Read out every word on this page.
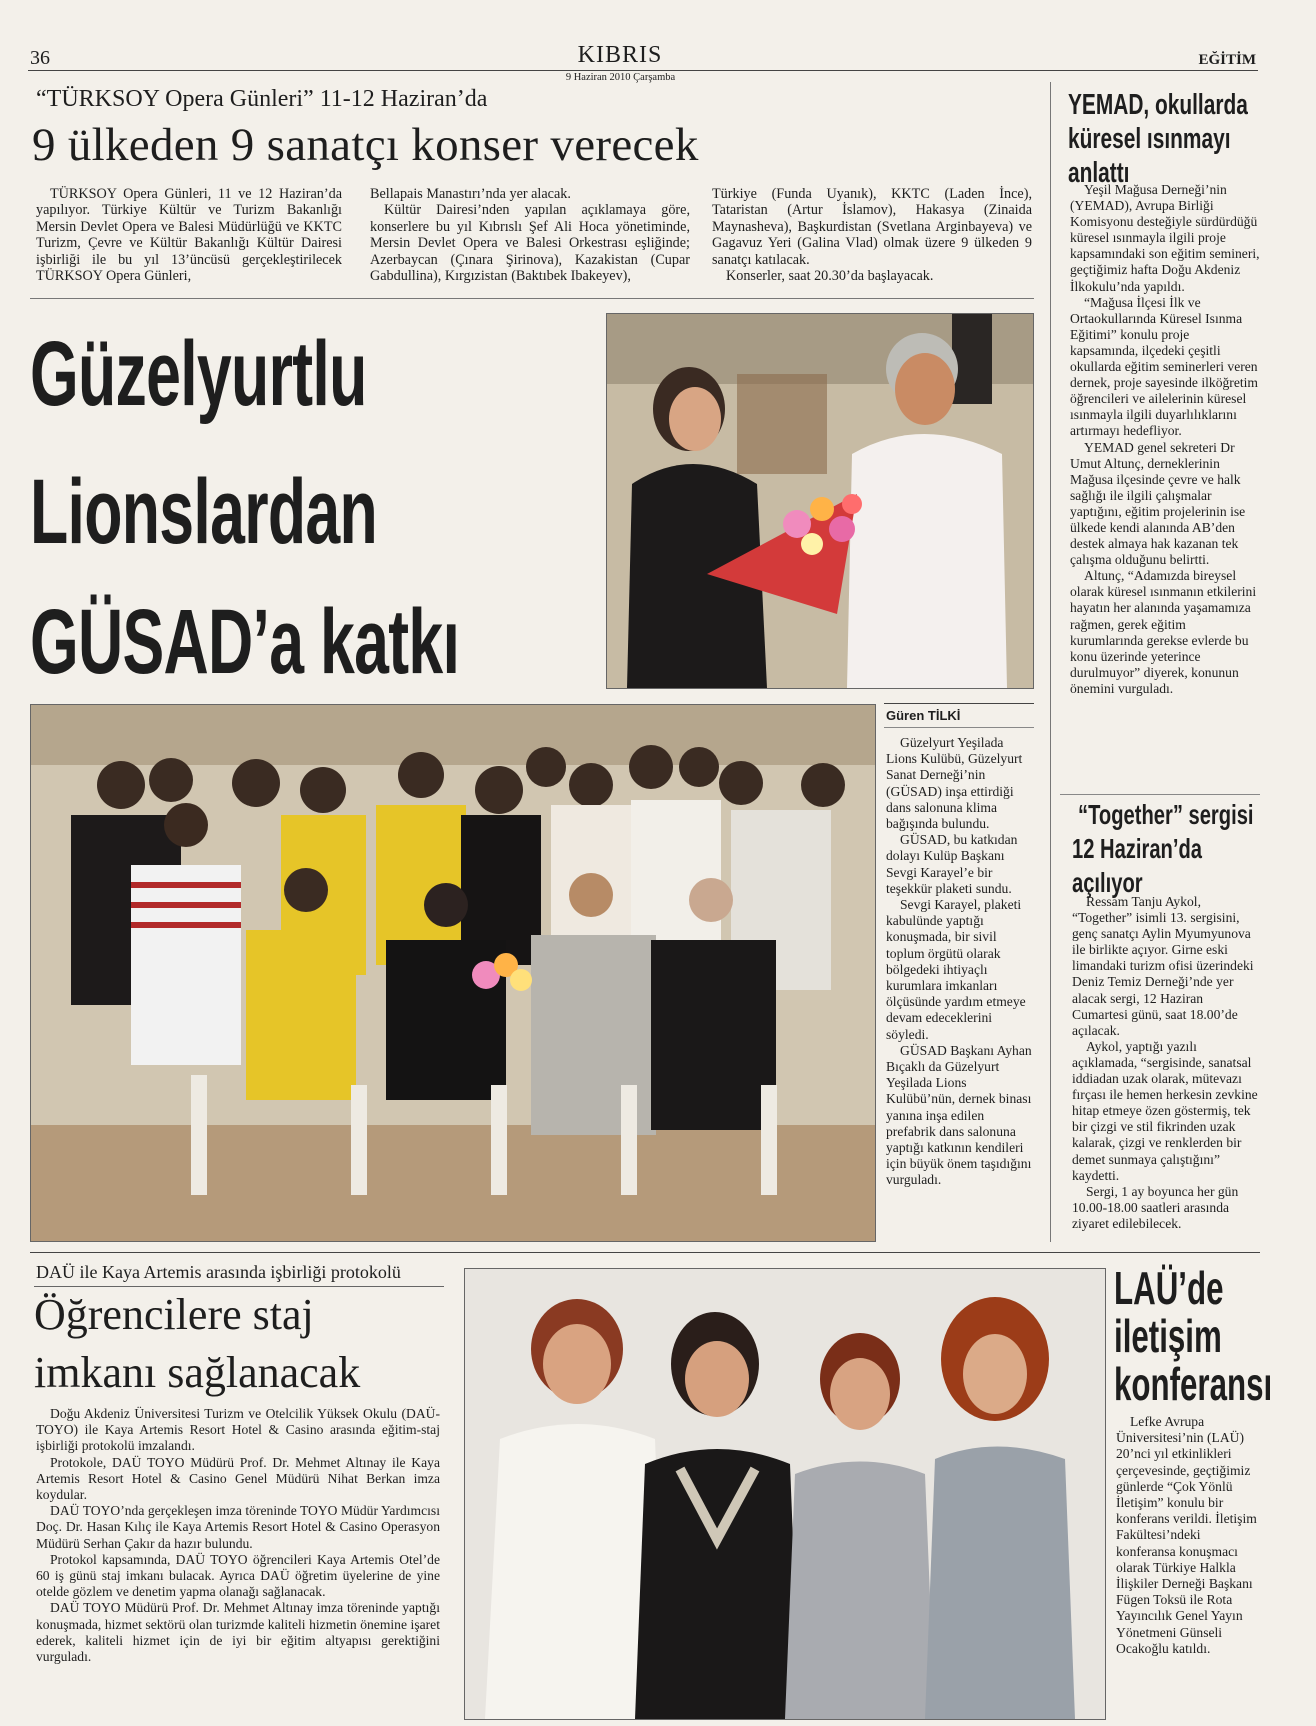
36	KIBRIS
9 Haziran 2010 Çarşamba
EĞİTİM
“TÜRKSOY Opera Günleri” 11-12 Haziran’da
9 ülkeden 9 sanatçı konser verecek

TÜRKSOY Opera Günleri, 11 ve 12 Haziran’da yapılıyor. Türkiye Kültür ve Turizm Bakanlığı Mersin Devlet Opera ve Balesi Müdürlüğü ve KKTC Turizm, Çevre ve Kültür Bakanlığı Kültür Dairesi işbirliği ile bu yıl 13’üncüsü gerçekleştirilecek TÜRKSOY Opera Günleri,

Bellapais Manastırı’nda yer alacak.

Kültür Dairesi’nden yapılan açıklamaya göre, konserlere bu yıl Kıbrıslı Şef Ali Hoca yönetiminde, Mersin Devlet Opera ve Balesi Orkestrası eşliğinde; Azerbaycan (Çınara Şirinova), Kazakistan (Cupar Gabdullina), Kırgızistan (Baktıbek Ibakeyev),

Türkiye (Funda Uyanık), KKTC (Laden İnce), Tataristan (Artur İslamov), Hakasya (Zinaida Maynasheva), Başkurdistan (Svetlana Arginbayeva) ve Gagavuz Yeri (Galina Vlad) olmak üzere 9 ülkeden 9 sanatçı katılacak.

Konserler, saat 20.30’da başlayacak.

Güzelyurtlu
Lionslardan
GÜSAD’a katkı
Güren TİLKİ

Güzelyurt Yeşilada Lions Kulübü, Güzelyurt Sanat Derneği’nin (GÜSAD) inşa ettirdiği dans salonuna klima bağışında bulundu.

GÜSAD, bu katkıdan dolayı Kulüp Başkanı Sevgi Karayel’e bir teşekkür plaketi sundu.

Sevgi Karayel, plaketi kabulünde yaptığı konuşmada, bir sivil toplum örgütü olarak bölgedeki ihtiyaçlı kurumlara imkanları ölçüsünde yardım etmeye devam edeceklerini söyledi.

GÜSAD Başkanı Ayhan Bıçaklı da Güzelyurt Yeşilada Lions Kulübü’nün, dernek binası yanına inşa edilen prefabrik dans salonuna yaptığı katkının kendileri için büyük önem taşıdığını vurguladı.

YEMAD, okullarda
küresel ısınmayı
anlattı

Yeşil Mağusa Derneği’nin (YEMAD), Avrupa Birliği Komisyonu desteğiyle sürdürdüğü küresel ısınmayla ilgili proje kapsamındaki son eğitim semineri, geçtiğimiz hafta Doğu Akdeniz İlkokulu’nda yapıldı.

“Mağusa İlçesi İlk ve Ortaokullarında Küresel Isınma Eğitimi” konulu proje kapsamında, ilçedeki çeşitli okullarda eğitim seminerleri veren dernek, proje sayesinde ilköğretim öğrencileri ve ailelerinin küresel ısınmayla ilgili duyarlılıklarını artırmayı hedefliyor.

YEMAD genel sekreteri Dr Umut Altunç, derneklerinin Mağusa ilçesinde çevre ve halk sağlığı ile ilgili çalışmalar yaptığını, eğitim projelerinin ise ülkede kendi alanında AB’den destek almaya hak kazanan tek çalışma olduğunu belirtti.

Altunç, “Adamızda bireysel olarak küresel ısınmanın etkilerini hayatın her alanında yaşamamıza rağmen, gerek eğitim kurumlarında gerekse evlerde bu konu üzerinde yeterince durulmuyor” diyerek, konunun önemini vurguladı.

“Together” sergisi
12 Haziran’da
açılıyor

Ressam Tanju Aykol, “Together” isimli 13. sergisini, genç sanatçı Aylin Myumyunova ile birlikte açıyor. Girne eski limandaki turizm ofisi üzerindeki Deniz Temiz Derneği’nde yer alacak sergi, 12 Haziran Cumartesi günü, saat 18.00’de açılacak.

Aykol, yaptığı yazılı açıklamada, “sergisinde, sanatsal iddiadan uzak olarak, mütevazı fırçası ile hemen herkesin zevkine hitap etmeye özen göstermiş, tek bir çizgi ve stil fikrinden uzak kalarak, çizgi ve renklerden bir demet sunmaya çalıştığını” kaydetti.

Sergi, 1 ay boyunca her gün 10.00-18.00 saatleri arasında ziyaret edilebilecek.

DAÜ ile Kaya Artemis arasında işbirliği protokolü
Öğrencilere staj
imkanı sağlanacak

Doğu Akdeniz Üniversitesi Turizm ve Otelcilik Yüksek Okulu (DAÜ- TOYO) ile Kaya Artemis Resort Hotel & Casino arasında eğitim-staj işbirliği protokolü imzalandı.

Protokole, DAÜ TOYO Müdürü Prof. Dr. Mehmet Altınay ile Kaya Artemis Resort Hotel & Casino Genel Müdürü Nihat Berkan imza koydular.

DAÜ TOYO’nda gerçekleşen imza töreninde TOYO Müdür Yardımcısı Doç. Dr. Hasan Kılıç ile Kaya Artemis Resort Hotel & Casino Operasyon Müdürü Serhan Çakır da hazır bulundu.

Protokol kapsamında, DAÜ TOYO öğrencileri Kaya Artemis Otel’de 60 iş günü staj imkanı bulacak. Ayrıca DAÜ öğretim üyelerine de yine otelde gözlem ve denetim yapma olanağı sağlanacak.

DAÜ TOYO Müdürü Prof. Dr. Mehmet Altınay imza töreninde yaptığı konuşmada, hizmet sektörü olan turizmde kaliteli hizmetin önemine işaret ederek, kaliteli hizmet için de iyi bir eğitim altyapısı gerektiğini vurguladı.

LAÜ’de
iletişim
konferansı

Lefke Avrupa Üniversitesi’nin (LAÜ) 20’nci yıl etkinlikleri çerçevesinde, geçtiğimiz günlerde “Çok Yönlü İletişim” konulu bir konferans verildi. İletişim Fakültesi’ndeki konferansa konuşmacı olarak Türkiye Halkla İlişkiler Derneği Başkanı Fügen Toksü ile Rota Yayıncılık Genel Yayın Yönetmeni Günseli Ocakoğlu katıldı.
